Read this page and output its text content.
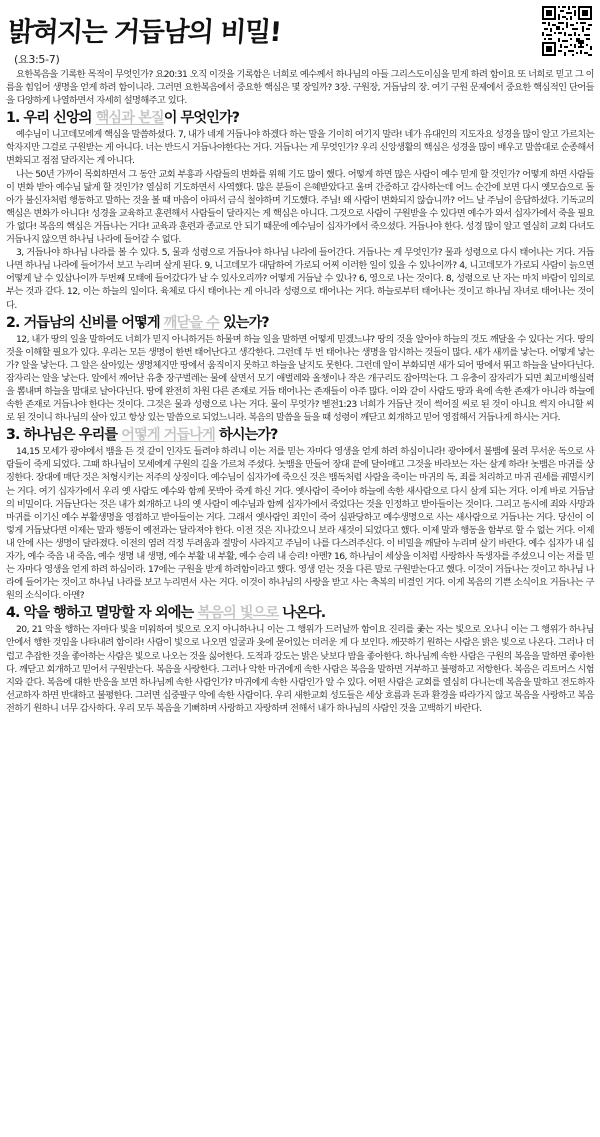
밝혀지는 거듭남의 비밀!
(요3:5-7)

요한복음을 기록한 목적이 무엇인가? 요20:31 오직 이것을 기록함은 너희로 예수께서 하나님의 아들 그리스도이심을 믿게 하려 함이요 또 너희로 믿고 그 이름을 힘입어 생명을 얻게 하려 함이니라. 그러면 요한복음에서 중요한 핵심은 몇 장일까? 3장. 구원장, 거듭남의 장. 여기 구원 문제에서 중요한 핵심적인 단어들을 다양하게 나열하면서 자세히 설명해주고 있다.

1. 우리 신앙의 핵심과 본질이 무엇인가?

예수님이 니고데모에게 핵심을 말씀하셨다. 7, 내가 네게 거듭나야 하겠다 하는 말을 기이히 여기지 말라! 네가 유대인의 지도자요 성경을 많이 알고 가르치는 학자지만 그걸로 구원받는 게 아니다. 너는 반드시 거듭나야한다는 거다. 거듭나는 게 무엇인가? 우리 신앙생활의 핵심은 성경을 많이 배우고 말씀대로 순종해서 변화되고 점점 달라지는 게 아니다.

나는 50년 가까이 목회하면서 그 동안 교회 부흥과 사람들의 변화를 위해 기도 많이 했다. 어떻게 하면 많은 사람이 예수 믿게 할 것인가? 어떻게 하면 사람들이 변화 받아 예수님 닮게 할 것인가? 열심히 기도하면서 사역했다. 많은 분들이 은혜받았다고 울며 간증하고 감사하는데 어느 순간에 보면 다시 옛모습으로 돌아가 불신자처럼 행동하고 말하는 것을 볼 때 마음이 아파서 금식 철야하며 기도했다. 주님! 왜 사람이 변화되지 않습니까? 어느 날 주님이 응답하셨다. 기독교의 핵심은 변화가 아니다! 성경을 교육하고 훈련해서 사람들이 달라지는 게 핵심은 아니다. 그것으로 사람이 구원받을 수 있다면 예수가 와서 십자가에서 죽을 필요가 없다! 복음의 핵심은 거듭나는 거다! 교육과 훈련과 종교로 안 되기 때문에 예수님이 십자가에서 죽으셨다. 거듭나야 한다. 성경 많이 알고 열심히 교회 다녀도 거듭나지 않으면 하나님 나라에 들어갈 수 없다.

3, 거듭나야 하나님 나라를 볼 수 있다. 5, 물과 성령으로 거듭나야 하나님 나라에 들어간다. 거듭나는 게 무엇인가? 물과 성령으로 다시 태어나는 거다. 거듭나면 하나님 나라에 들어가서 보고 누리며 살게 된다. 9, 니고데모가 대답하여 가로되 어찌 이러한 일이 있을 수 있나이까? 4, 니고데모가 가로되 사람이 늙으면 어떻게 날 수 있삽나이까 두번째 모태에 들어갔다가 날 수 있사오리까? 어떻게 거듭날 수 있나? 6, 영으로 나는 것이다. 8, 성령으로 난 자는 마치 바람이 임의로 부는 것과 같다. 12, 이는 하늘의 일이다. 육체로 다시 태어나는 게 아니라 성령으로 태어나는 거다. 하늘로부터 태어나는 것이고 하나님 자녀로 태어나는 것이다.

2. 거듭남의 신비를 어떻게 깨닫을 수 있는가?

12, 내가 땅의 일을 말하여도 너희가 믿지 아니하거든 하물며 하늘 일을 말하면 어떻게 믿겠느냐? 땅의 것을 알아야 하늘의 것도 깨달을 수 있다는 거다. 땅의 것을 이해할 필요가 있다. 우리는 모든 생명이 한번 태어난다고 생각한다. 그런데 두 번 태어나는 생명을 암시하는 것들이 많다. 새가 새끼를 낳는다. 어떻게 낳는가? 알을 낳는다. 그 알은 살아있는 생명체지만 땅에서 움직이지 못하고 하늘을 날지도 못한다. 그런데 알이 부화되면 새가 되어 땅에서 뛰고 하늘을 날아다닌다. 잠자리는 알을 낳는다. 알에서 깨어난 유충 장구벌레는 물에 살면서 모기 애벌레와 올챙이나 작은 개구리도 잡아먹는다. 그 유충이 잠자리가 되면 최고비행실력을 뽐내며 하늘을 맘대로 날아다닌다. 땅에 완전히 차원 다른 존재로 거듭 태어나는 존재들이 아주 많다. 이와 같이 사람도 땅과 육에 속한 존재가 아니라 하늘에 속한 존재로 거듭나야 한다는 것이다. 그것은 물과 성령으로 나는 거다. 물이 무엇가? 벧전1:23 너희가 거듭난 것이 썩어질 씨로 된 것이 아니요 썩지 아니할 씨로 된 것이니 하나님의 살아 있고 항상 있는 말씀으로 되었느니라. 복음의 말씀을 들을 때 성령이 깨닫고 회개하고 믿어 영접해서 거듭나게 하시는 거다.

3. 하나님은 우리를 어떻게 거듭나게 하시는가?

14,15 모세가 광야에서 뱀을 든 것 같이 인자도 들려야 하리니 이는 저를 믿는 자마다 영생을 얻게 하려 하심이니라! 광야에서 불뱀에 물려 무서운 독으로 사람들이 죽게 되었다. 그때 하나님이 모세에게 구원의 길을 가르쳐 주셨다. 놋뱀을 만들어 장대 끝에 달아매고 그것을 바라보는 자는 살게 하라! 놋뱀은 마귀를 상징한다. 장대에 매단 것은 처형시키는 저주의 상징이다. 예수님이 십자가에 죽으신 것은 뱀독처럼 사람을 죽이는 마귀의 독, 죄를 처리하고 마귀 권세를 궤멸시키는 거다. 여기 십자가에서 우리 옛 사람도 예수와 함께 못박아 죽게 하신 거다. 옛사람이 죽어야 하늘에 속한 새사람으로 다시 살게 되는 거다. 이게 바로 거듭남의 비밀이다. 거듭난다는 것은 내가 회개하고 나의 옛 사람이 예수님과 함께 십자가에서 죽었다는 것을 인정하고 받아들이는 것이다. 그리고 동시에 죄와 사망과 마귀를 이기신 예수 부활생명을 영접하고 받아들이는 거다. 그래서 옛사람인 죄인이 죽어 심판당하고 예수생명으로 사는 새사람으로 거듭나는 거다. 당신이 이렇게 거듭났다면 이제는 말과 행동이 예전과는 달라져야 한다. 이전 것은 지나갔으니 보라 새것이 되었다고 했다. 이제 말과 행동을 함부로 할 수 없는 거다. 이제 내 안에 사는 생명이 달라졌다. 이전의 염려 걱정 두려움과 절망이 사라지고 주님이 나를 다스려주신다. 이 비밀을 깨달아 누리며 살기 바란다. 예수 십자가 내 십자가, 예수 죽음 내 죽음, 예수 생명 내 생명, 예수 부활 내 부활, 예수 승리 내 승리! 아멘? 16, 하나님이 세상을 이처럼 사랑하사 독생자를 주셨으니 이는 저를 믿는 자마다 영생을 얻게 하려 하심이라. 17에는 구원을 받게 하려함이라고 했다. 영생 얻는 것을 다른 말로 구원받는다고 했다. 이것이 거듭나는 것이고 하나님 나라에 들어가는 것이고 하나님 나라를 보고 누리면서 사는 거다. 이것이 하나님의 사랑을 받고 사는 축복의 비결인 거다. 이게 복음의 기쁜 소식이요 거듭나는 구원의 소식이다. 아멘?

4. 악을 행하고 멸망할 자 외에는 복음의 빛으로 나온다.

20, 21 악을 행하는 자마다 빛을 미워하여 빛으로 오지 아니하나니 이는 그 행위가 드러날까 함이요 진리를 좇는 자는 빛으로 오나니 이는 그 행위가 하나님 안에서 행한 것임을 나타내려 함이라! 사람이 빛으로 나오면 얼굴과 옷에 묻어있는 더러운 게 다 보인다. 깨끗하기 원하는 사람은 밝은 빛으로 나온다. 그러나 더럽고 추잡한 것을 좋아하는 사람은 빛으로 나오는 것을 싫어한다. 도적과 강도는 밝은 낮보다 밤을 좋아한다. 하나님께 속한 사람은 구원의 복음을 말하면 좋아한다. 깨닫고 회개하고 믿어서 구원받는다. 복음을 사랑한다. 그러나 악한 마귀에게 속한 사람은 복음을 말하면 거부하고 불평하고 저항한다. 복음은 리트머스 시험지와 같다. 복음에 대한 반응을 보면 하나님께 속한 사람인가? 마귀에게 속한 사람인가 알 수 있다. 어떤 사람은 교회를 열심히 다니는데 복음을 말하고 전도하자 선교하자 하면 반대하고 불평한다. 그러면 십중팔구 악에 속한 사람이다. 우리 새한교회 성도들은 세상 흐름과 돈과 환경을 따라가지 않고 복음을 사랑하고 복음 전하기 원하니 너무 감사하다. 우리 모두 복음을 기뻐하며 사랑하고 자랑하며 전해서 내가 하나님의 사람인 것을 고백하기 바란다.
